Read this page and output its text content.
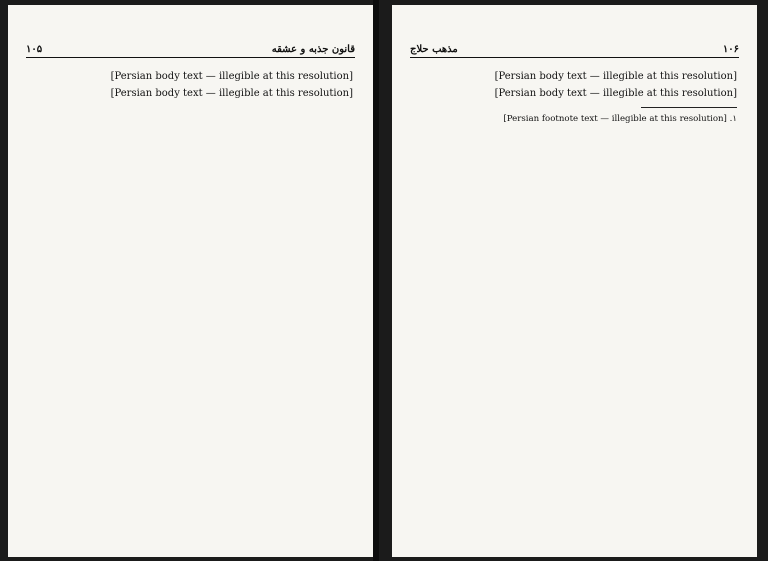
۱۰۵	قانون جذبه و عشقه

[Persian body text — illegible at this resolution]

[Persian body text — illegible at this resolution]

مذهب حلاج	۱۰۶

[Persian body text — illegible at this resolution]

[Persian body text — illegible at this resolution]

۱. [Persian footnote text — illegible at this resolution]
